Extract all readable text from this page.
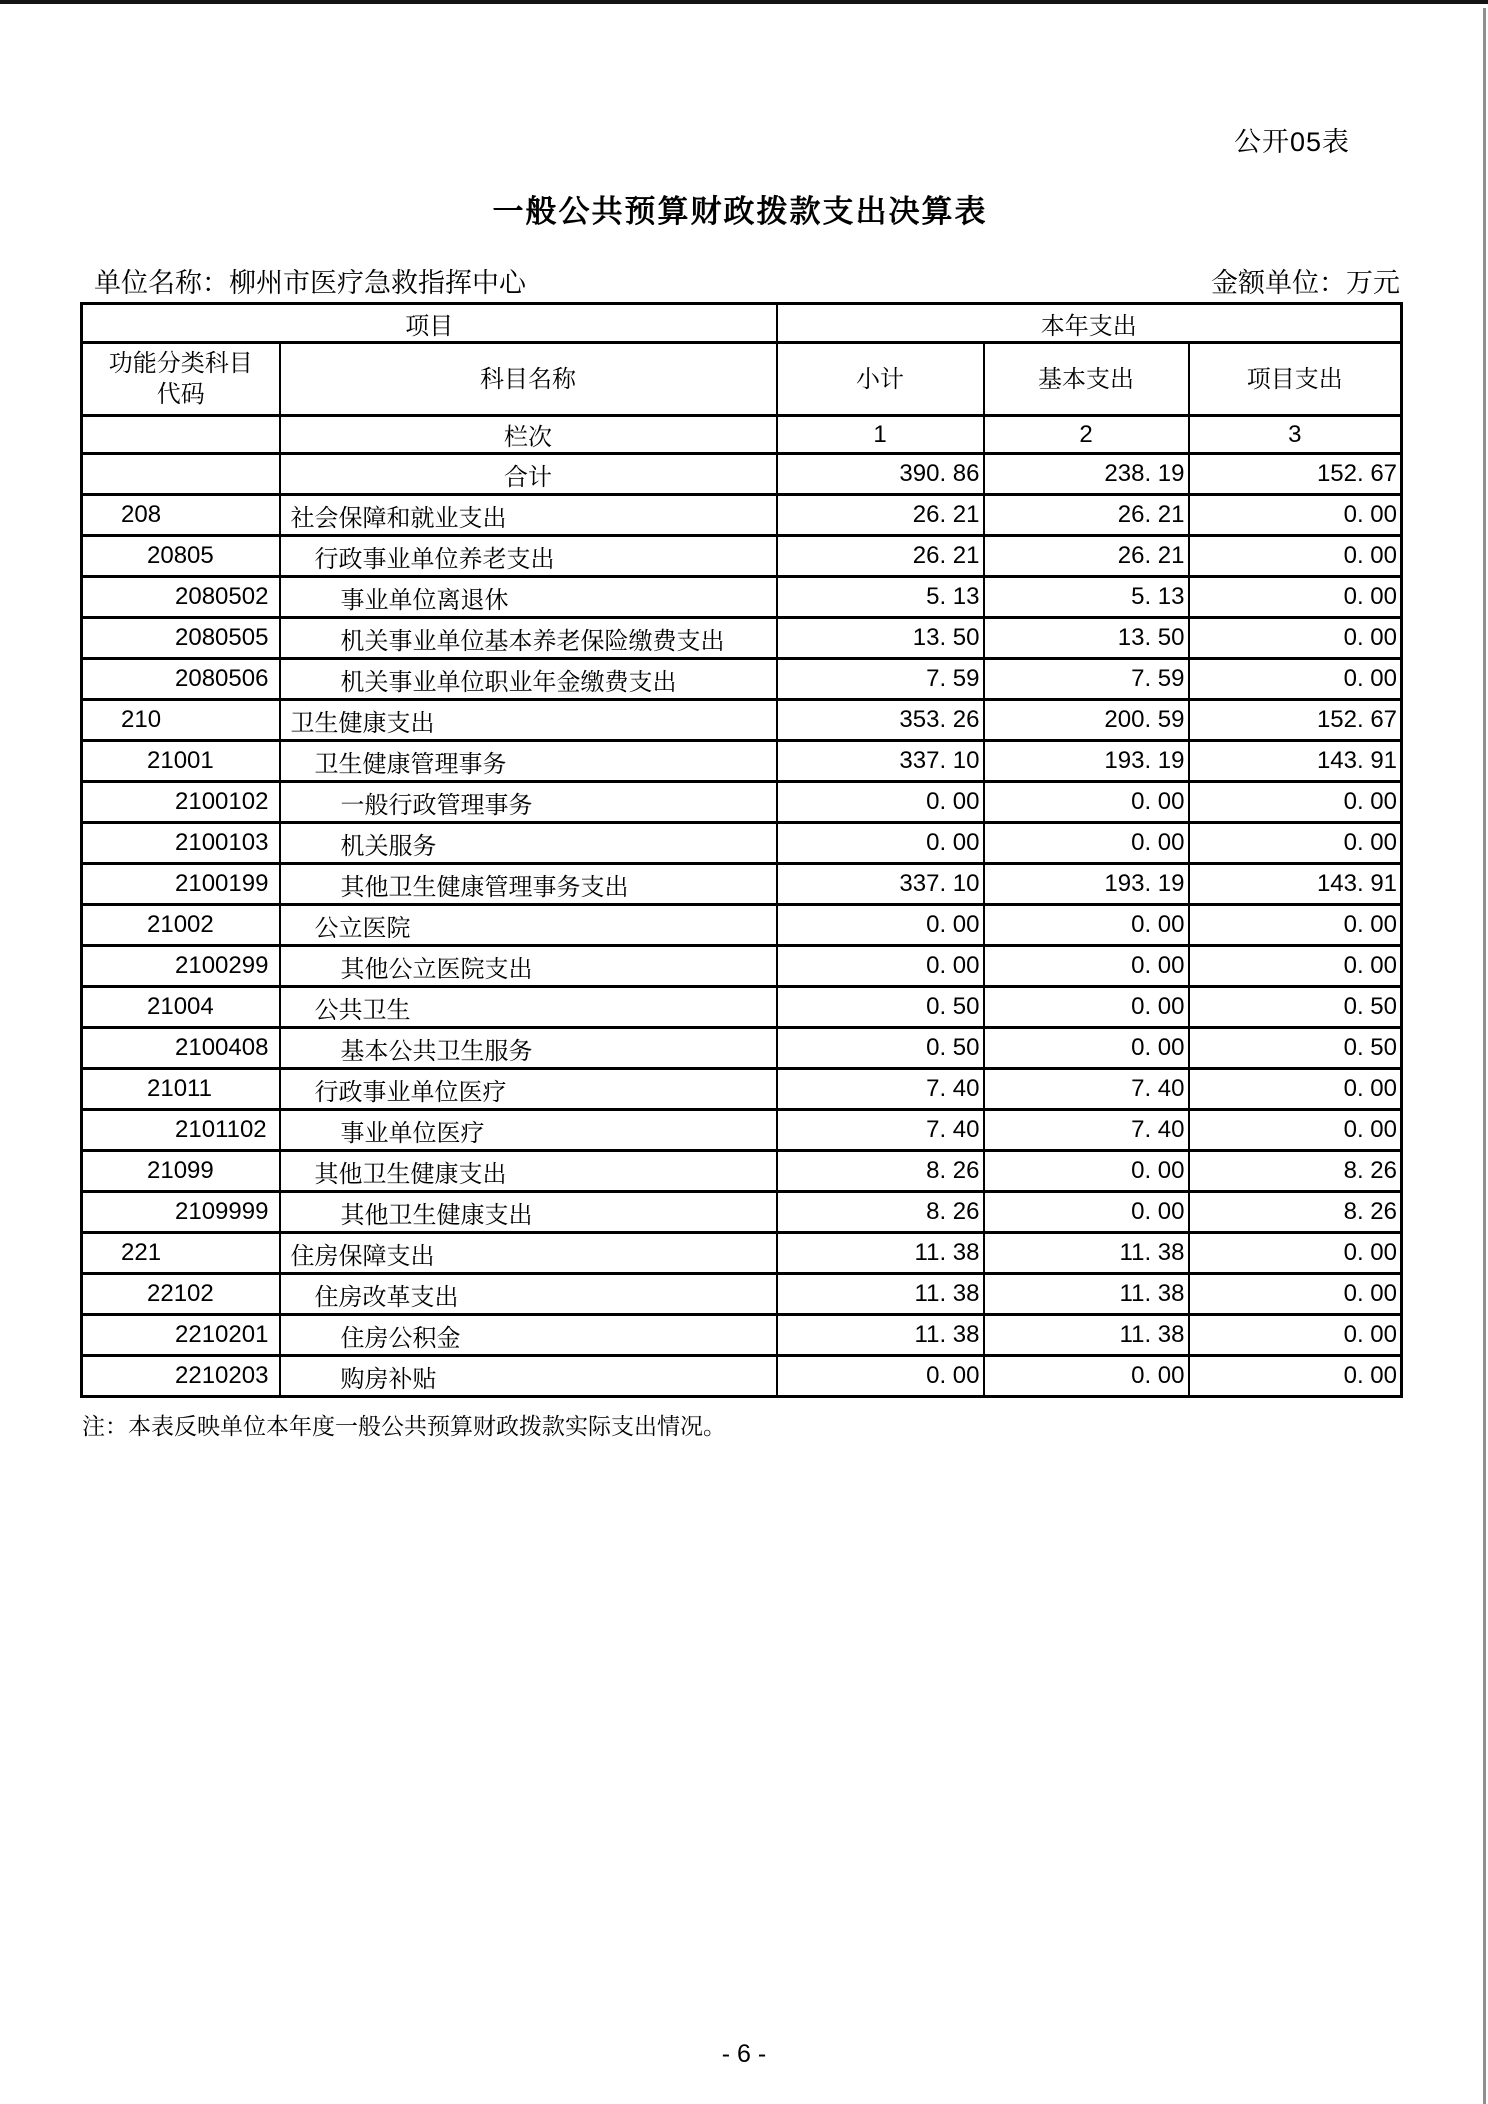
公开05表
一般公共预算财政拨款支出决算表
单位名称：柳州市医疗急救指挥中心	金额单位：万元
项目		本年支出		

功能分类科目
代码	科目名称	小计	基本支出	项目支出
	栏次	1	2	3
	合计	390. 86	238. 19	152. 67
208	社会保障和就业支出	26. 21	26. 21	0. 00
20805	行政事业单位养老支出	26. 21	26. 21	0. 00
2080502	事业单位离退休	5. 13	5. 13	0. 00
2080505	机关事业单位基本养老保险缴费支出	13. 50	13. 50	0. 00
2080506	机关事业单位职业年金缴费支出	7. 59	7. 59	0. 00
210	卫生健康支出	353. 26	200. 59	152. 67
21001	卫生健康管理事务	337. 10	193. 19	143. 91
2100102	一般行政管理事务	0. 00	0. 00	0. 00
2100103	机关服务	0. 00	0. 00	0. 00
2100199	其他卫生健康管理事务支出	337. 10	193. 19	143. 91
21002	公立医院	0. 00	0. 00	0. 00
2100299	其他公立医院支出	0. 00	0. 00	0. 00
21004	公共卫生	0. 50	0. 00	0. 50
2100408	基本公共卫生服务	0. 50	0. 00	0. 50
21011	行政事业单位医疗	7. 40	7. 40	0. 00
2101102	事业单位医疗	7. 40	7. 40	0. 00
21099	其他卫生健康支出	8. 26	0. 00	8. 26
2109999	其他卫生健康支出	8. 26	0. 00	8. 26
221	住房保障支出	11. 38	11. 38	0. 00
22102	住房改革支出	11. 38	11. 38	0. 00
2210201	住房公积金	11. 38	11. 38	0. 00
2210203	购房补贴	0. 00	0. 00	0. 00
注：本表反映单位本年度一般公共预算财政拨款实际支出情况。
- 6 -
